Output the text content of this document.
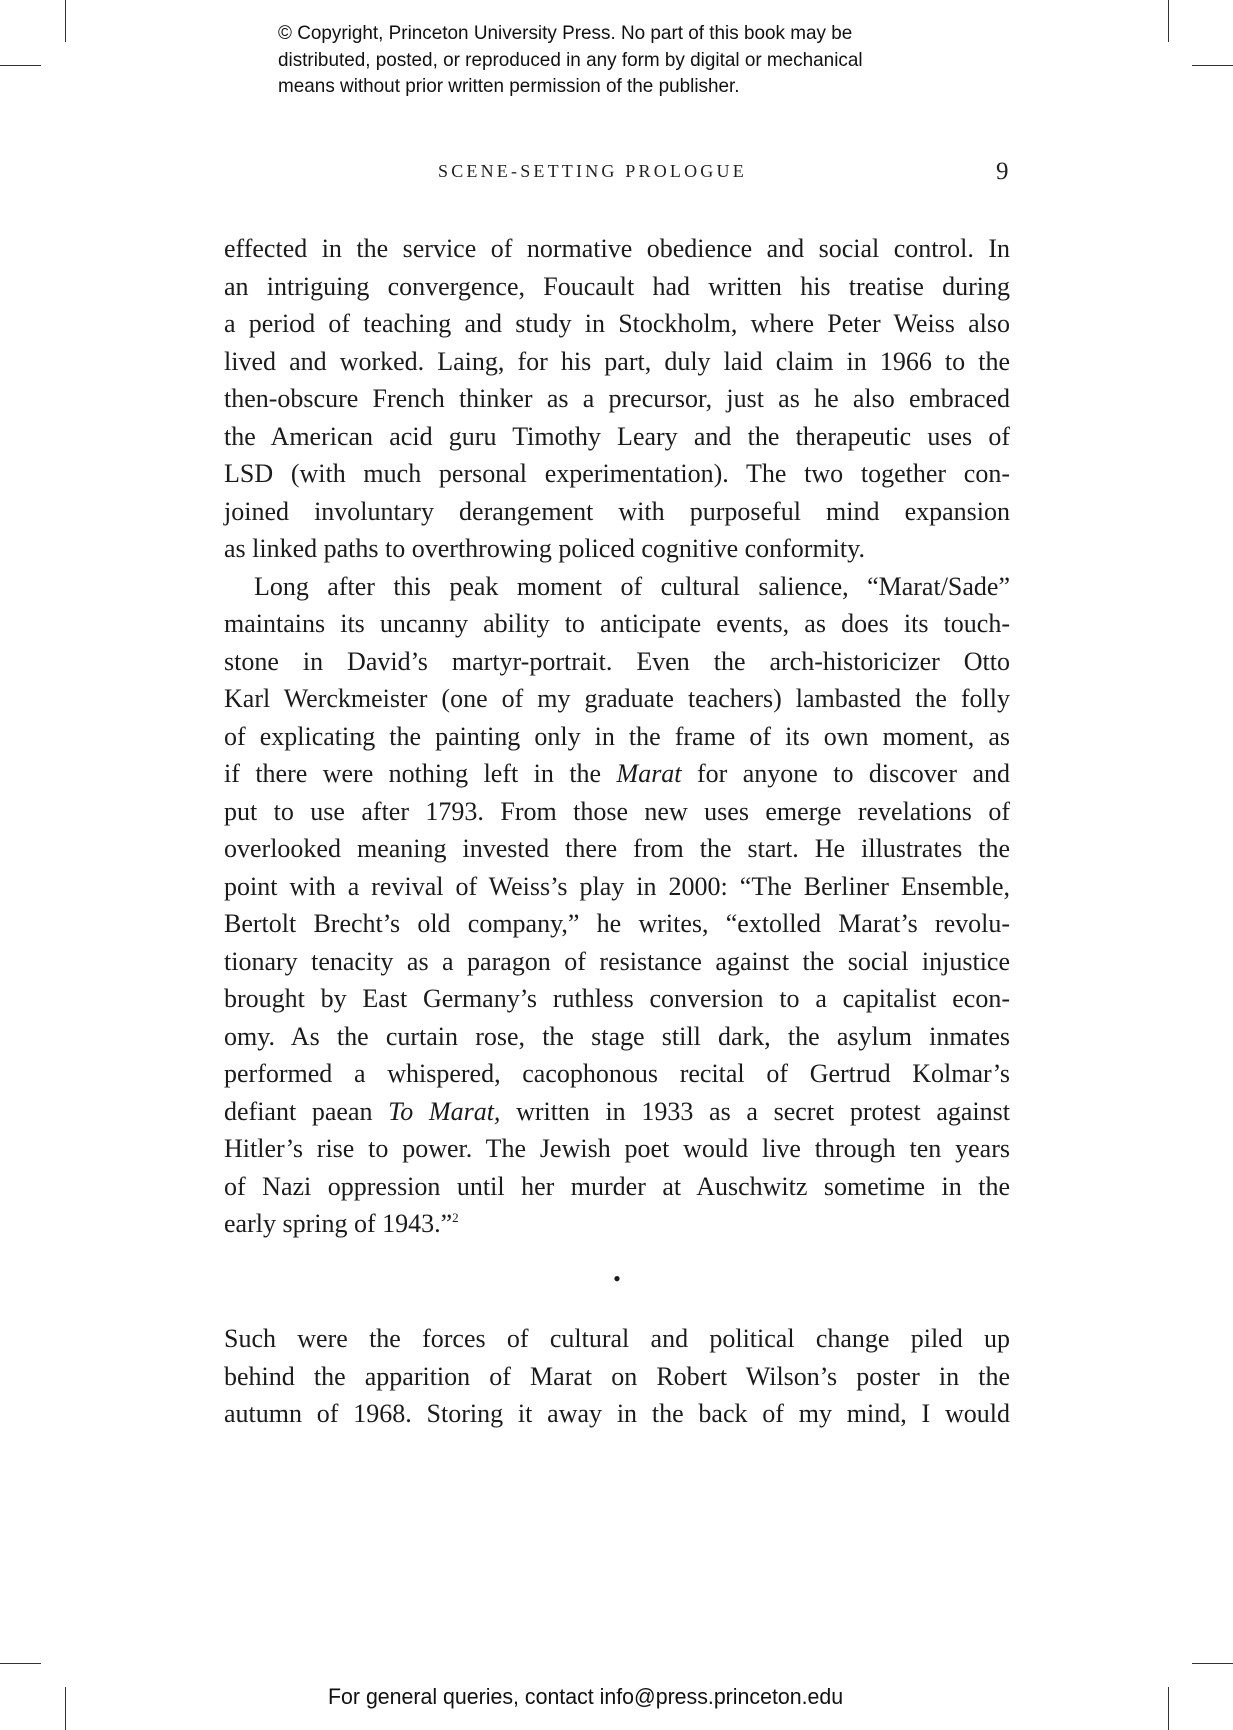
© Copyright, Princeton University Press. No part of this book may be
distributed, posted, or reproduced in any form by digital or mechanical
means without prior written permission of the publisher.
SCENE-SETTING PROLOGUE	9
effected in the service of normative obedience and social control. In
an intriguing convergence, Foucault had written his treatise during
a period of teaching and study in Stockholm, where Peter Weiss also
lived and worked. Laing, for his part, duly laid claim in 1966 to the
then-obscure French thinker as a precursor, just as he also embraced
the American acid guru Timothy Leary and the therapeutic uses of
LSD (with much personal experimentation). The two together con-
joined involuntary derangement with purposeful mind expansion
as linked paths to overthrowing policed cognitive conformity.
Long after this peak moment of cultural salience, “Marat/Sade”
maintains its uncanny ability to anticipate events, as does its touch-
stone in David’s martyr-portrait. Even the arch-historicizer Otto
Karl Werckmeister (one of my graduate teachers) lambasted the folly
of explicating the painting only in the frame of its own moment, as
if there were nothing left in the Marat for anyone to discover and
put to use after 1793. From those new uses emerge revelations of
overlooked meaning invested there from the start. He illustrates the
point with a revival of Weiss’s play in 2000: “The Berliner Ensemble,
Bertolt Brecht’s old company,” he writes, “extolled Marat’s revolu-
tionary tenacity as a paragon of resistance against the social injustice
brought by East Germany’s ruthless conversion to a capitalist econ-
omy. As the curtain rose, the stage still dark, the asylum inmates
performed a whispered, cacophonous recital of Gertrud Kolmar’s
defiant paean To Marat, written in 1933 as a secret protest against
Hitler’s rise to power. The Jewish poet would live through ten years
of Nazi oppression until her murder at Auschwitz sometime in the
early spring of 1943.”$^2$
•
Such were the forces of cultural and political change piled up
behind the apparition of Marat on Robert Wilson’s poster in the
autumn of 1968. Storing it away in the back of my mind, I would
For general queries, contact info@press.princeton.edu
